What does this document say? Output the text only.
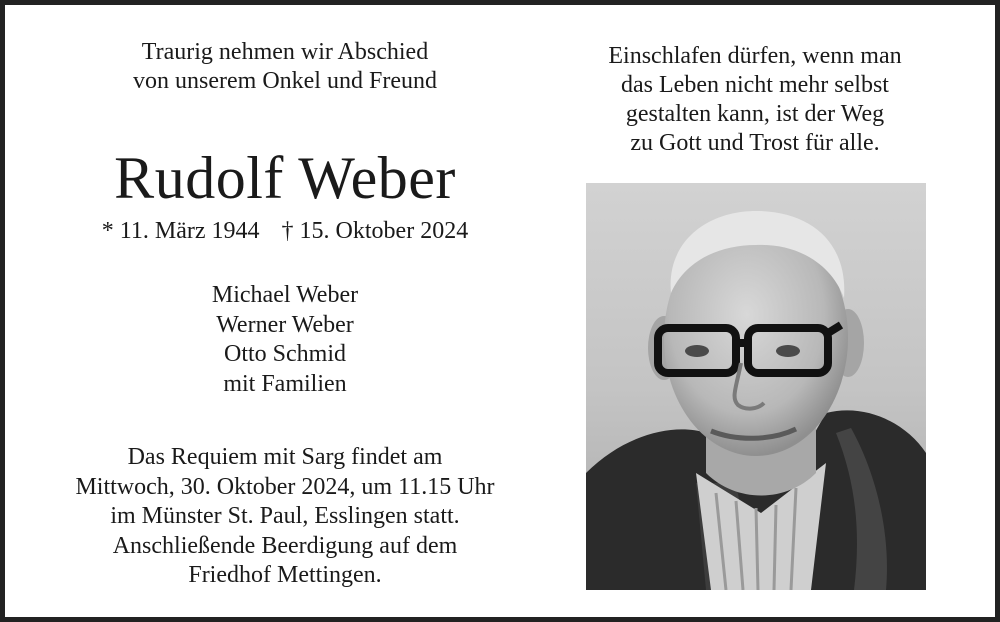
Traurig nehmen wir Abschied
von unserem Onkel und Freund
Rudolf Weber
* 11. März 1944 † 15. Oktober 2024
Michael Weber
Werner Weber
Otto Schmid
mit Familien
Das Requiem mit Sarg findet am
Mittwoch, 30. Oktober 2024, um 11.15 Uhr
im Münster St. Paul, Esslingen statt.
Anschließende Beerdigung auf dem
Friedhof Mettingen.
Einschlafen dürfen, wenn man
das Leben nicht mehr selbst
gestalten kann, ist der Weg
zu Gott und Trost für alle.
